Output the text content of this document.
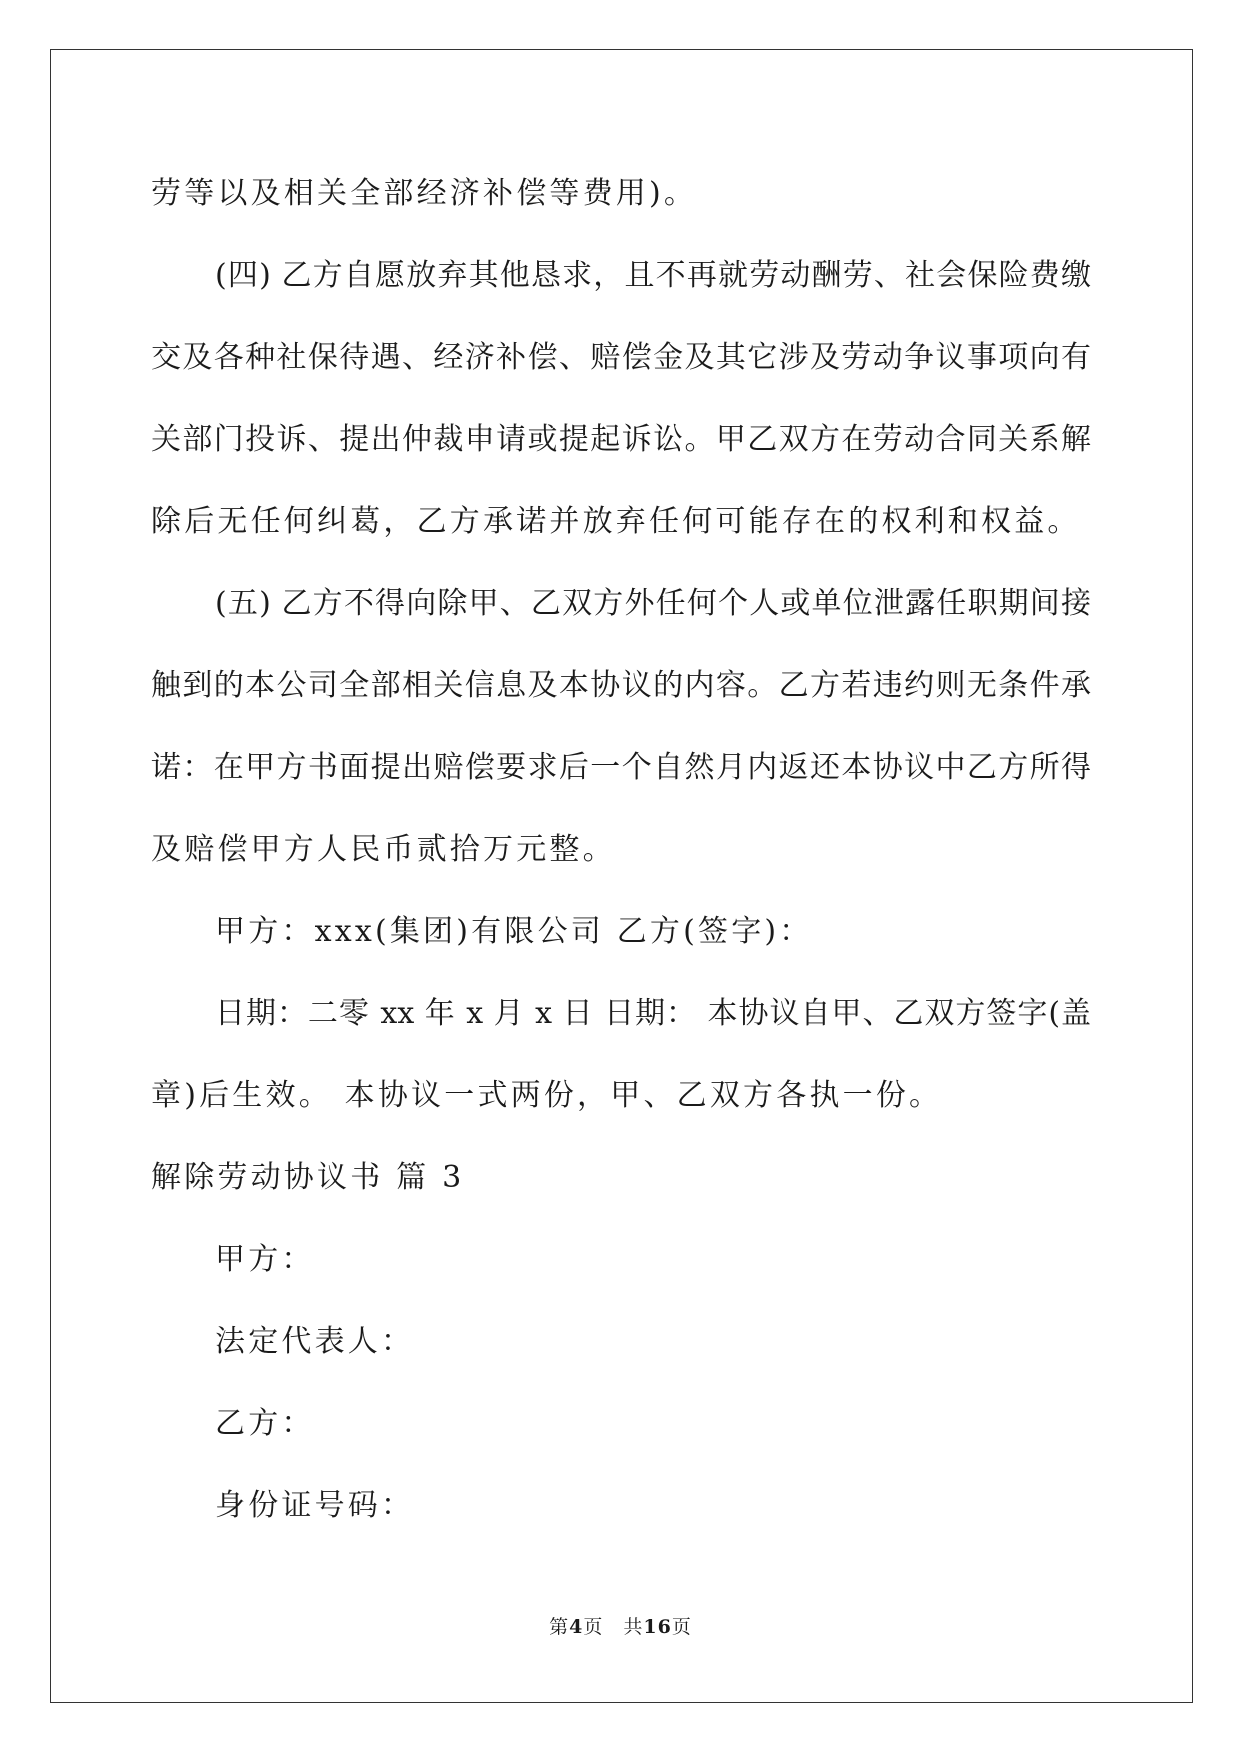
劳等以及相关全部经济补偿等费用)。
(四) 乙方自愿放弃其他恳求，且不再就劳动酬劳、社会保险费缴
交及各种社保待遇、经济补偿、赔偿金及其它涉及劳动争议事项向有
关部门投诉、提出仲裁申请或提起诉讼。甲乙双方在劳动合同关系解
除后无任何纠葛，乙方承诺并放弃任何可能存在的权利和权益。
(五) 乙方不得向除甲、乙双方外任何个人或单位泄露任职期间接
触到的本公司全部相关信息及本协议的内容。乙方若违约则无条件承
诺：在甲方书面提出赔偿要求后一个自然月内返还本协议中乙方所得
及赔偿甲方人民币贰拾万元整。
甲方：xxx(集团)有限公司 乙方(签字)：
日期：二零 xx 年 x 月 x 日 日期： 本协议自甲、乙双方签字(盖
章)后生效。 本协议一式两份，甲、乙双方各执一份。
解除劳动协议书 篇 3
甲方：
法定代表人：
乙方：
身份证号码：
第4页　共16页
